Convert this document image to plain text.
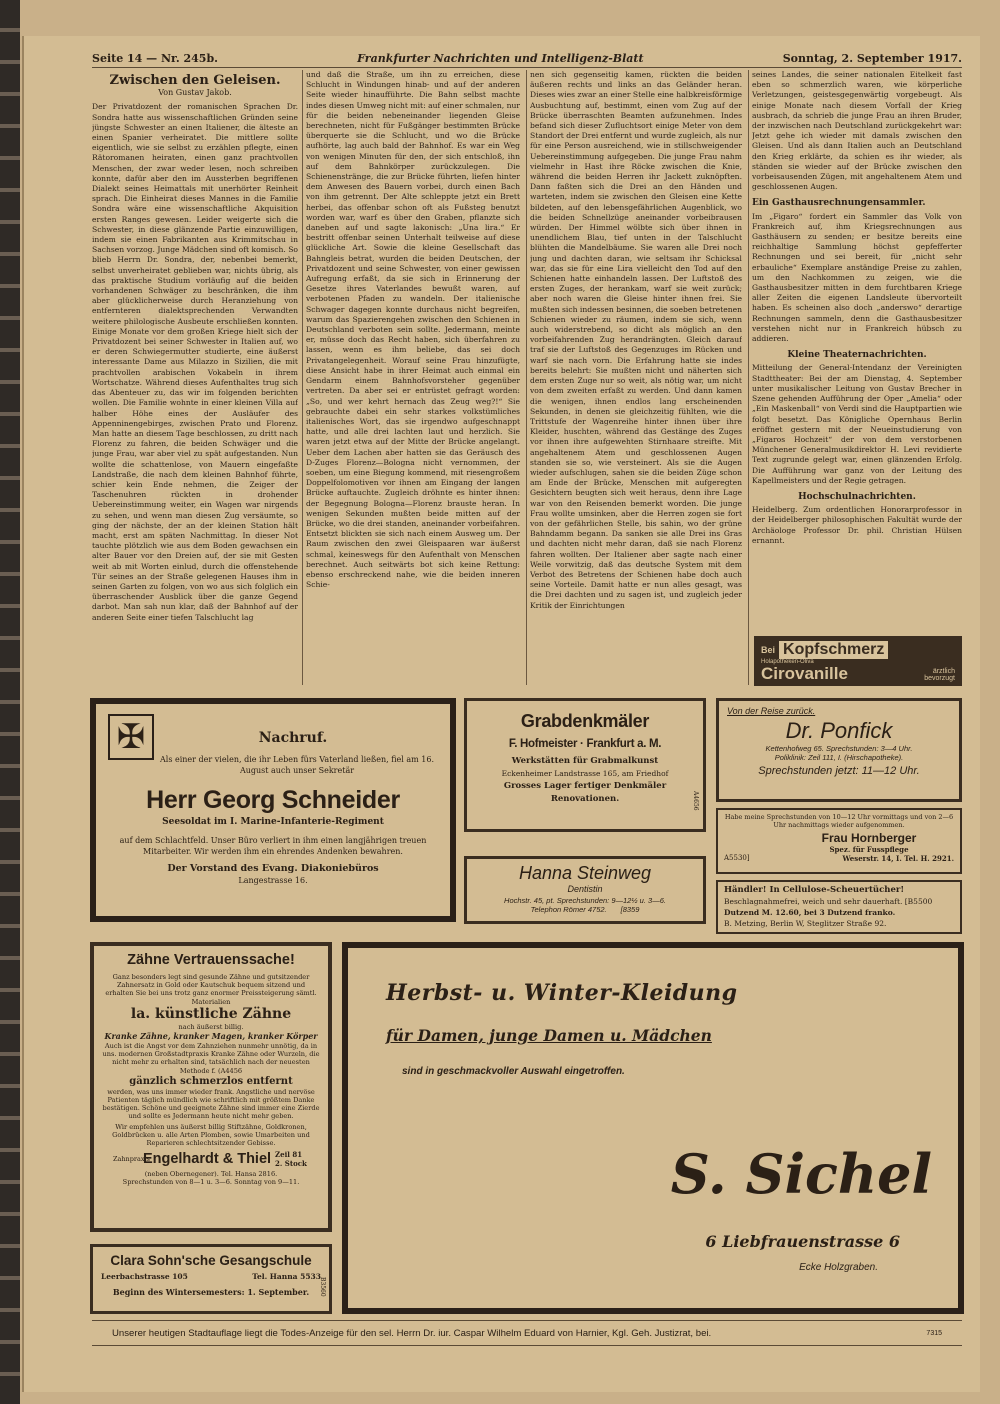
Seite 14 — Nr. 245b.	Frankfurter Nachrichten und Intelligenz-Blatt	Sonntag, 2. September 1917.
Zwischen den Geleisen.
Von Gustav Jakob.

Der Privatdozent der romanischen Sprachen Dr. Sondra hatte aus wissenschaftlichen Gründen seine jüngste Schwester an einen Italiener, die älteste an einen Spanier verheiratet. Die mittlere sollte eigentlich, wie sie selbst zu erzählen pflegte, einen Rätoromanen heiraten, einen ganz prachtvollen Menschen, der zwar weder lesen, noch schreiben konnte, dafür aber den im Aussterben begriffenen Dialekt seines Heimattals mit unerhörter Reinheit sprach. Die Einheirat dieses Mannes in die Familie Sondra wäre eine wissenschaftliche Akquisition ersten Ranges gewesen. Leider weigerte sich die Schwester, in diese glänzende Partie einzuwilligen, indem sie einen Fabrikanten aus Krimmitschau in Sachsen vorzog. Junge Mädchen sind oft komisch. So blieb Herrn Dr. Sondra, der, nebenbei bemerkt, selbst unverheiratet geblieben war, nichts übrig, als das praktische Studium vorläufig auf die beiden vorhandenen Schwäger zu beschränken, die ihm aber glücklicherweise durch Heranziehung von entfernteren dialektsprechenden Verwandten weitere philologische Ausbeute erschließen konnten. Einige Monate vor dem großen Kriege hielt sich der Privatdozent bei seiner Schwester in Italien auf, wo er deren Schwiegermutter studierte, eine äußerst interessante Dame aus Milazzo in Sizilien, die mit prachtvollen arabischen Vokabeln in ihrem Wortschatze. Während dieses Aufenthaltes trug sich das Abenteuer zu, das wir im folgenden berichten wollen. Die Familie wohnte in einer kleinen Villa auf halber Höhe eines der Ausläufer des Appenninengebirges, zwischen Prato und Florenz. Man hatte an diesem Tage beschlossen, zu dritt nach Florenz zu fahren, die beiden Schwäger und die junge Frau, war aber viel zu spät aufgestanden. Nun wollte die schattenlose, von Mauern eingefaßte Landstraße, die nach dem kleinen Bahnhof führte, schier kein Ende nehmen, die Zeiger der Taschenuhren rückten in drohender Uebereinstimmung weiter, ein Wagen war nirgends zu sehen, und wenn man diesen Zug versäumte, so ging der nächste, der an der kleinen Station hält macht, erst am späten Nachmittag. In dieser Not tauchte plötzlich wie aus dem Boden gewachsen ein alter Bauer vor den Dreien auf, der sie mit Gesten weit ab mit Worten einlud, durch die offenstehende Tür seines an der Straße gelegenen Hauses ihm in seinen Garten zu folgen, von wo aus sich folglich ein überraschender Ausblick über die ganze Gegend darbot. Man sah nun klar, daß der Bahnhof auf der anderen Seite einer tiefen Talschlucht lag

und daß die Straße, um ihn zu erreichen, diese Schlucht in Windungen hinab- und auf der anderen Seite wieder hinaufführte. Die Bahn selbst machte indes diesen Umweg nicht mit: auf einer schmalen, nur für die beiden nebeneinander liegenden Gleise berechneten, nicht für Fußgänger bestimmten Brücke überquerte sie die Schlucht, und wo die Brücke aufhörte, lag auch bald der Bahnhof. Es war ein Weg von wenigen Minuten für den, der sich entschloß, ihn auf dem Bahnkörper zurückzulegen. Die Schienenstränge, die zur Brücke führten, liefen hinter dem Anwesen des Bauern vorbei, durch einen Bach von ihm getrennt. Der Alte schleppte jetzt ein Brett herbei, das offenbar schon oft als Fußsteg benutzt worden war, warf es über den Graben, pflanzte sich daneben auf und sagte lakonisch: „Una lira.“ Er bestritt offenbar seinen Unterhalt teilweise auf diese glückliche Art. Sowie die kleine Gesellschaft das Bahngleis betrat, wurden die beiden Deutschen, der Privatdozent und seine Schwester, von einer gewissen Aufregung erfaßt, da sie sich in Erinnerung der Gesetze ihres Vaterlandes bewußt waren, auf verbotenen Pfaden zu wandeln. Der italienische Schwager dagegen konnte durchaus nicht begreifen, warum das Spazierengehen zwischen den Schienen in Deutschland verboten sein sollte. Jedermann, meinte er, müsse doch das Recht haben, sich überfahren zu lassen, wenn es ihm beliebe, das sei doch Privatangelegenheit. Worauf seine Frau hinzufügte, diese Ansicht habe in ihrer Heimat auch einmal ein Gendarm einem Bahnhofsvorsteher gegenüber vertreten. Da aber sei er entrüstet gefragt worden: „So, und wer kehrt hernach das Zeug weg?!“ Sie gebrauchte dabei ein sehr starkes volkstümliches italienisches Wort, das sie irgendwo aufgeschnappt hatte, und alle drei lachten laut und herzlich. Sie waren jetzt etwa auf der Mitte der Brücke angelangt. Ueber dem Lachen aber hatten sie das Geräusch des D-Zuges Florenz—Bologna nicht vernommen, der soeben, um eine Biegung kommend, mit riesengroßem Doppelfolomotiven vor ihnen am Eingang der langen Brücke auftauchte. Zugleich dröhnte es hinter ihnen: der Begegnung Bologna—Florenz brauste heran. In wenigen Sekunden mußten beide mitten auf der Brücke, wo die drei standen, aneinander vorbeifahren. Entsetzt blickten sie sich nach einem Ausweg um. Der Raum zwischen den zwei Gleispaaren war äußerst schmal, keineswegs für den Aufenthalt von Menschen berechnet. Auch seitwärts bot sich keine Rettung: ebenso erschreckend nahe, wie die beiden inneren Schie-

nen sich gegenseitig kamen, rückten die beiden äußeren rechts und links an das Geländer heran. Dieses wies zwar an einer Stelle eine halbkreisförmige Ausbuchtung auf, bestimmt, einen vom Zug auf der Brücke überraschten Beamten aufzunehmen. Indes befand sich dieser Zufluchtsort einige Meter von dem Standort der Drei entfernt und wurde zugleich, als nur für eine Person ausreichend, wie in stillschweigender Uebereinstimmung aufgegeben. Die junge Frau nahm vielmehr in Hast ihre Röcke zwischen die Knie, während die beiden Herren ihr Jackett zuknöpften. Dann faßten sich die Drei an den Händen und warteten, indem sie zwischen den Gleisen eine Kette bildeten, auf den lebensgefährlichen Augenblick, wo die beiden Schnellzüge aneinander vorbeibrausen würden. Der Himmel wölbte sich über ihnen in unendlichem Blau, tief unten in der Talschlucht blühten die Mandelbäume. Sie waren alle Drei noch jung und dachten daran, wie seltsam ihr Schicksal war, das sie für eine Lira vielleicht den Tod auf den Schienen hatte einhandeln lassen. Der Luftstoß des ersten Zuges, der herankam, warf sie weit zurück; aber noch waren die Gleise hinter ihnen frei. Sie mußten sich indessen besinnen, die soeben betretenen Schienen wieder zu räumen, indem sie sich, wenn auch widerstrebend, so dicht als möglich an den vorbeifahrenden Zug herandrängten. Gleich darauf traf sie der Luftstoß des Gegenzuges im Rücken und warf sie nach vorn. Die Erfahrung hatte sie indes bereits belehrt: Sie mußten nicht und näherten sich dem ersten Zuge nur so weit, als nötig war, um nicht von dem zweiten erfaßt zu werden. Und dann kamen die wenigen, ihnen endlos lang erscheinenden Sekunden, in denen sie gleichzeitig fühlten, wie die Trittstufe der Wagenreihe hinter ihnen über ihre Kleider, huschten, während das Gestänge des Zuges vor ihnen ihre aufgewehten Stirnhaare streifte. Mit angehaltenem Atem und geschlossenen Augen standen sie so, wie versteinert. Als sie die Augen wieder aufschlugen, sahen sie die beiden Züge schon am Ende der Brücke, Menschen mit aufgeregten Gesichtern beugten sich weit heraus, denn ihre Lage war von den Reisenden bemerkt worden. Die junge Frau wollte umsinken, aber die Herren zogen sie fort von der gefährlichen Stelle, bis sahin, wo der grüne Bahndamm begann. Da sanken sie alle Drei ins Gras und dachten nicht mehr daran, daß sie nach Florenz fahren wollten. Der Italiener aber sagte nach einer Weile vorwitzig, daß das deutsche System mit dem Verbot des Betretens der Schienen habe doch auch seine Vorteile. Damit hatte er nun alles gesagt, was die Drei dachten und zu sagen ist, und zugleich jeder Kritik der Einrichtungen

seines Landes, die seiner nationalen Eitelkeit fast eben so schmerzlich waren, wie körperliche Verletzungen, geistesgegenwärtig vorgebeugt. Als einige Monate nach diesem Vorfall der Krieg ausbrach, da schrieb die junge Frau an ihren Bruder, der inzwischen nach Deutschland zurückgekehrt war: Jetzt gehe ich wieder mit damals zwischen den Gleisen. Und als dann Italien auch an Deutschland den Krieg erklärte, da schien es ihr wieder, als ständen sie wieder auf der Brücke zwischen den vorbeisausenden Zügen, mit angehaltenem Atem und geschlossenen Augen.

Ein Gasthausrechnungensammler.

Im „Figaro“ fordert ein Sammler das Volk von Frankreich auf, ihm Kriegsrechnungen aus Gasthäusern zu senden; er besitze bereits eine reichhaltige Sammlung höchst gepfefferter Rechnungen und sei bereit, für „nicht sehr erbauliche“ Exemplare anständige Preise zu zahlen, um den Nachkommen zu zeigen, wie die Gasthausbesitzer mitten in dem furchtbaren Kriege aller Zeiten die eigenen Landsleute übervorteilt haben. Es scheinen also doch „anderswo“ derartige Rechnungen sammeln, denn die Gasthausbesitzer verstehen nicht nur in Frankreich hübsch zu addieren.

Kleine Theaternachrichten.

Mitteilung der General-Intendanz der Vereinigten Stadttheater: Bei der am Dienstag, 4. September unter musikalischer Leitung von Gustav Brecher in Szene gehenden Aufführung der Oper „Amelia“ oder „Ein Maskenball“ von Verdi sind die Hauptpartien wie folgt besetzt. Das Königliche Opernhaus Berlin eröffnet gestern mit der Neueinstudierung von „Figaros Hochzeit“ der von dem verstorbenen Münchener Generalmusikdirektor H. Levi revidierte Text zugrunde gelegt war, einen glänzenden Erfolg. Die Aufführung war ganz von der Leitung des Kapellmeisters und der Regie getragen.

Hochschulnachrichten.

Heidelberg. Zum ordentlichen Honorarprofessor in der Heidelberger philosophischen Fakultät wurde der Archäologe Professor Dr. phil. Christian Hülsen ernannt.

Bei Kopfschmerz
Holapotheken-Oliva
Cirovanille	ärztlich
bevorzugt
✠	Nachruf.
Als einer der vielen, die ihr Leben fürs Vaterland ließen, fiel am 16. August auch unser Sekretär
Herr Georg Schneider
Seesoldat im I. Marine-Infanterie-Regiment
auf dem Schlachtfeld. Unser Büro verliert in ihm einen langjährigen treuen Mitarbeiter. Wir werden ihm ein ehrendes Andenken bewahren.
Der Vorstand des Evang. Diakoniebüros
Langestrasse 16.
Grabdenkmäler
F. Hofmeister · Frankfurt a. M.
Werkstätten für Grabmalkunst
Eckenheimer Landstrasse 165, am Friedhof
Grosses Lager fertiger Denkmäler
Renovationen.	A4656
Hanna Steinweg
Dentistin
Hochstr. 45, pt. Sprechstunden: 9—12½ u. 3—6.
Telephon Römer 4752. [8359
Von der Reise zurück.
Dr. Ponfick
Kettenhofweg 65. Sprechstunden: 3—4 Uhr.
Poliklinik: Zeil 111, I. (Hirschapotheke).
Sprechstunden jetzt: 11—12 Uhr.
Habe meine Sprechstunden von 10—12 Uhr vormittags und von 2—6 Uhr nachmittags wieder aufgenommen.
Frau Hornberger
Spez. für Fusspflege
A5530]	Weserstr. 14, I. Tel. H. 2921.
Händler! In Cellulose-Scheuertücher!
Beschlagnahmefrei, weich und sehr dauerhaft. [B5500
Dutzend M. 12.60, bei 3 Dutzend franko.
B. Metzing, Berlin W, Steglitzer Straße 92.
Zähne Vertrauenssache!
Ganz besonders legt sind gesunde Zähne und gutsitzender Zahnersatz in Gold oder Kautschuk bequem sitzend und erhalten Sie bei uns trotz ganz enormer Preissteigerung sämtl. Materialien
la. künstliche Zähne
nach äußerst billig.
Kranke Zähne, kranker Magen, kranker Körper
Auch ist die Angst vor dem Zahnziehen nunmehr unnötig, da in uns. modernen Großstadtpraxis Kranke Zähne oder Wurzeln, die nicht mehr zu erhalten sind, tatsächlich nach der neuesten Methode f. (A4456
gänzlich schmerzlos entfernt
werden, was uns immer wieder frank. Angstliche und nervöse Patienten täglich mündlich wie schriftlich mit größtem Danke bestätigen. Schöne und geeignete Zähne sind immer eine Zierde und sollte es Jedermann heute nicht mehr geben.
Wir empfehlen uns äußerst billig Stiftzähne, Goldkronen, Goldbrücken u. alle Arten Plomben, sowie Umarbeiten und Reparieren schlechtsitzender Gebisse.
Zahnpraxis
Engelhardt & Thiel Zeil 81 2. Stock
(neben Obernegener). Tel. Hansa 2816.
Sprechstunden von 8—1 u. 3—6. Sonntag von 9—11.
Clara Sohn'sche Gesangschule
Leerbachstrasse 105	Tel. Hanna 5533
Beginn des Wintersemesters: 1. September.	B3560
Herbst- u. Winter-Kleidung
für Damen, junge Damen u. Mädchen
sind in geschmackvoller Auswahl eingetroffen.
S. Sichel
6 Liebfrauenstrasse 6
Ecke Holzgraben.
Unserer heutigen Stadtauflage liegt die Todes-Anzeige für den sel. Herrn Dr. iur. Caspar Wilhelm Eduard von Harnier, Kgl. Geh. Justizrat, bei.	7315
